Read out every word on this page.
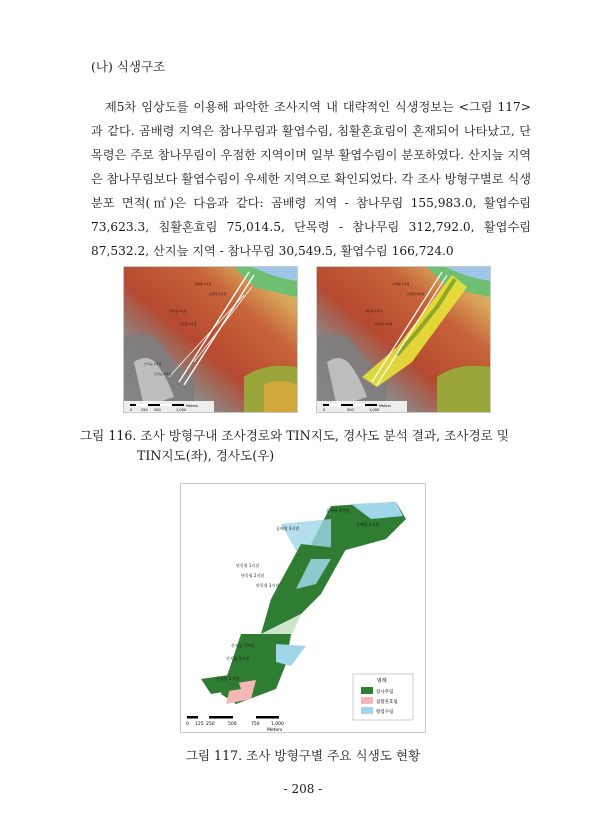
(나) 식생구조

제5차 임상도를 이용해 파악한 조사지역 내 대략적인 식생정보는 <그림 117>과 같다. 곰배령 지역은 참나무림과 활엽수림, 침활혼효림이 혼재되어 나타났고, 단목령은 주로 참나무림이 우점한 지역이며 일부 활엽수림이 분포하였다. 산지늪 지역은 참나무림보다 활엽수림이 우세한 지역으로 확인되었다. 각 조사 방형구별로 식생분포 면적(㎡)은 다음과 같다: 곰배령 지역 - 참나무림 155,983.0, 활엽수림 73,623.3, 침활혼효림 75,014.5, 단목령 - 참나무림 312,792.0, 활엽수림 87,532.2, 산지늪 지역 - 참나무림 30,549.5, 활엽수림 166,724.0

곰배령 1지점
곰배령 2지점
단목령 1지점
단목령 2지점
산지늪 1지점
산지늪 2지점
0	250 500	1,000
Meters
곰배령 1지점
곰배령 2지점
단목령 1지점
단목령 2지점
0	500	1,000
Meters
그림 116. 조사 방형구내 조사경로와 TIN지도, 경사도 분석 결과, 조사경로 및
TIN지도(좌), 경사도(우)
곰배령 1지점
곰배령 2지점
곰배령 3지점
단목령 1지점
단목령 2지점
단목령 3지점
산지늪 1지점
산지늪 2지점
산지늪 3지점	범례
참나무림
침활혼효림
활엽수림
0 125 250	500	750	1,000
Meters
그림 117. 조사 방형구별 주요 식생도 현황
- 208 -
